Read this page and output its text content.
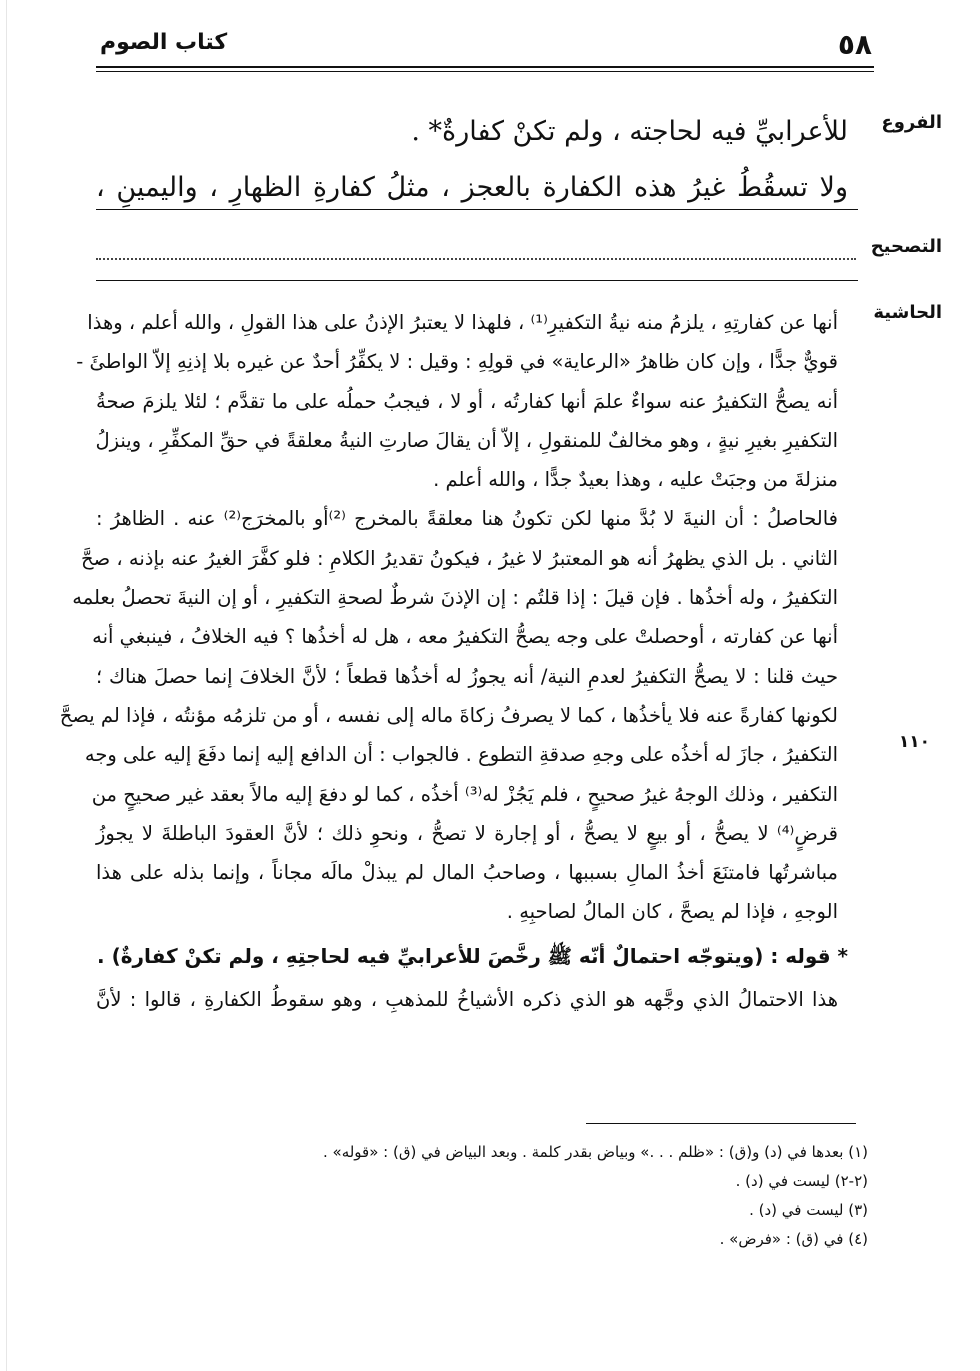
٥٨
كتاب الصوم
الفروع
للأعرابيِّ فيه لحاجته ، ولم تكنْ كفارةٌ* .
ولا تسقُطُ غيرُ هذه الكفارة بالعجز ، مثلُ كفارةِ الظهارِ ، واليمينِ ،
التصحيح
الحاشية
١١٠
أنها عن كفارتِهِ ، يلزمُ منه نيةُ التكفيرِ⁽¹⁾ ، فلهذا لا يعتبرُ الإذنُ على هذا القولِ ، والله أعلم ، وهذا
قويٌّ جدًّا ، وإن كان ظاهرُ «الرعاية» في قولِهِ : وقيل : لا يكفِّرُ أحدٌ عن غيره بلا إذنِهِ إلاّ الواطئَ -
أنه يصحُّ التكفيرُ عنه سواءٌ علمَ أنها كفارتُه ، أو لا ، فيجبُ حملُه على ما تقدَّم ؛ لئلا يلزمَ صحةُ
التكفيرِ بغيرِ نيةٍ ، وهو مخالفٌ للمنقولِ ، إلاّ أن يقالَ صارتِ النيةُ معلقةً في حقِّ المكفِّرِ ، وينزلُ
منزلةَ من وجبَتْ عليه ، وهذا بعيدٌ جدًّا ، والله أعلم .
فالحاصلُ : أن النيةَ لا بُدَّ منها لكن تكونُ هنا معلقةً بالمخرج ⁽²⁾أو بالمخرَج⁽²⁾ عنه . الظاهرُ :
الثاني . بل الذي يظهرُ أنه هو المعتبرُ لا غيرُ ، فيكونُ تقديرُ الكلامِ : فلو كفَّرَ الغيرُ عنه بإذنه ، صحَّ
التكفيرُ ، وله أخذُها . فإن قيلَ : إذا قلتُم : إن الإذنَ شرطٌ لصحةِ التكفيرِ ، أو إن النيةَ تحصلُ بعلمه
أنها عن كفارته ، أوحصلتْ على وجه يصحُّ التكفيرُ معه ، هل له أخذُها ؟ فيه الخلافُ ، فينبغي أنه
حيث قلنا : لا يصحُّ التكفيرُ لعدمِ النية/ أنه يجوزُ له أخذُها قطعاً ؛ لأنَّ الخلافَ إنما حصلَ هناك ؛
لكونها كفارةً عنه فلا يأخذُها ، كما لا يصرفُ زكاةَ ماله إلى نفسه ، أو من تلزمُه مؤنتُه ، فإذا لم يصحَّ
التكفيرُ ، جازَ له أخذُه على وجهِ صدقةِ التطوع . فالجواب : أن الدافع إليه إنما دفَعَ إليه على وجه
التكفير ، وذلك الوجهُ غيرُ صحيحٍ ، فلم يَجُزْ له⁽³⁾ أخذُه ، كما لو دفعَ إليه مالاً بعقد غير صحيحٍ من
قرضٍ⁽⁴⁾ لا يصحُّ ، أو بيعٍ لا يصحُّ ، أو إجارة لا تصحُّ ، ونحوِ ذلك ؛ لأنَّ العقودَ الباطلةَ لا يجوزُ
مباشرتُها فامتنَعَ أخذُ المالِ بسببها ، وصاحبُ المال لم يبذلْ مالَه مجاناً ، وإنما بذله على هذا
الوجهِ ، فإذا لم يصحَّ ، كان المالُ لصاحبِهِ .
* قوله : (ويتوجّه احتمالٌ أنّه ﷺ رخَّصَ للأعرابيِّ فيه لحاجتِهِ ، ولم تكنْ كفارةٌ) .
هذا الاحتمالُ الذي وجَّهه هو الذي ذكره الأشياخُ للمذهبِ ، وهو سقوطُ الكفارةِ ، قالوا : لأنَّ
(١) بعدها في (د) و(ق) : «ظلم . . .» وبياض بقدر كلمة . وبعد البياض في (ق) : «قوله» .
(٢-٢) ليست في (د) .
(٣) ليست في (د) .
(٤) في (ق) : «فرض» .
